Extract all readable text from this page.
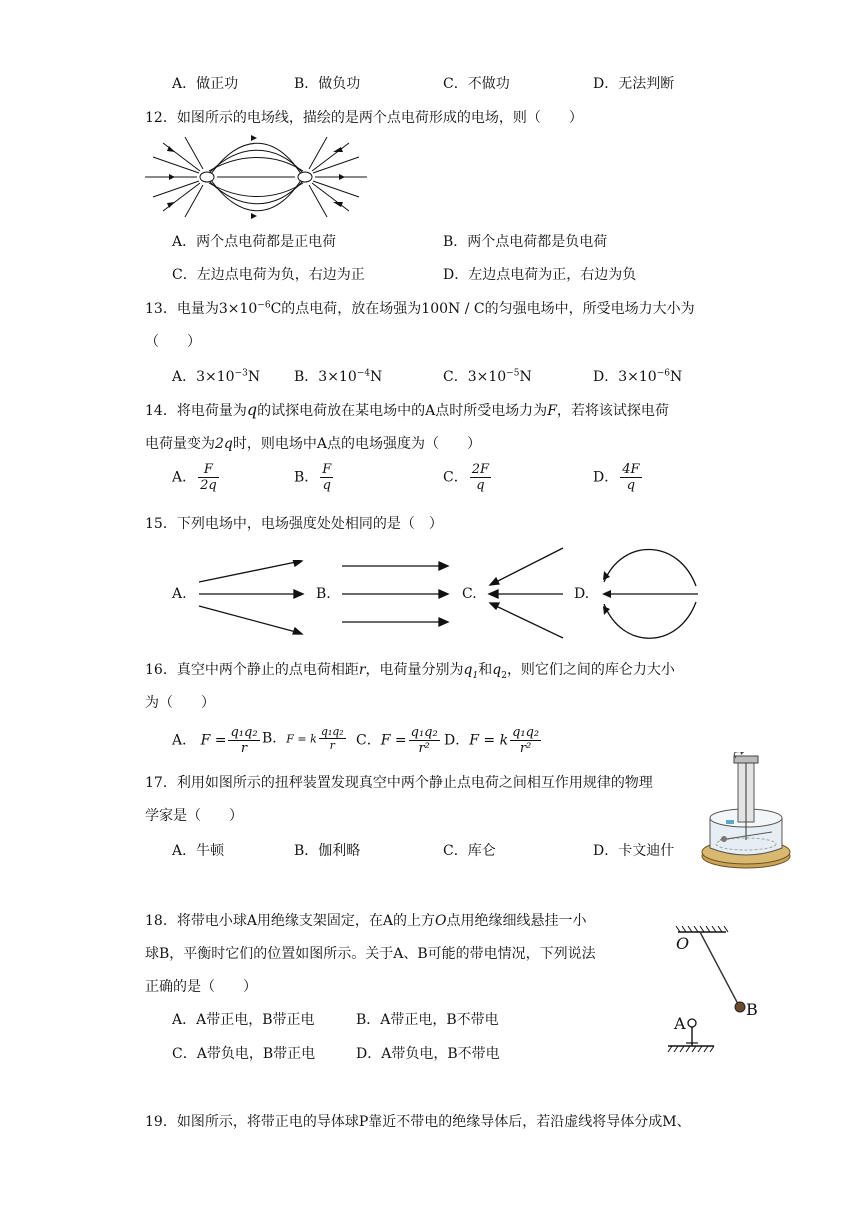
A．做正功	B．做负功	C．不做功	D．无法判断
12．如图所示的电场线，描绘的是两个点电荷形成的电场，则（　　）
A．两个点电荷都是正电荷	B．两个点电荷都是负电荷
C．左边点电荷为负，右边为正	D．左边点电荷为正，右边为负
13．电量为$3\times 10^{-6}C$的点电荷，放在场强为100N / C的匀强电场中，所受电场力大小为
（　　）
A．$3\times 10^{-3}N$ B．$3\times 10^{-4}N$	C．$3\times 10^{-5}N$	D．$3\times 10^{-6}N$
14．将电荷量为q的试探电荷放在某电场中的A点时所受电场力为F，若将该试探电荷
电荷量变为2q时，则电场中A点的电场强度为（　　）
A． $\frac{F}{2q}$	B． $\frac{F}{q}$	C． $\frac{2F}{q}$	D． $\frac{4F}{q}$
15．下列电场中，电场强度处处相同的是（　）
A.	B.	C.	D.
16．真空中两个静止的点电荷相距r，电荷量分别为$q_1$和$q_2$，则它们之间的库仑力大小
为（　　）
A． $F = \frac{\text{q₁q₂}}{r}$ B．F = k $\frac{\text{q₁q₂}}{r}$ C．$F = \frac{\text{q₁q₂}}{\text{r²}}$ D．F = k $\frac{\text{q₁q₂}}{\text{r²}}$
17．利用如图所示的扭秤装置发现真空中两个静止点电荷之间相互作用规律的物理
学家是（　　）
A．牛顿	B．伽利略	C．库仑	D．卡文迪什
18．将带电小球A用绝缘支架固定，在A的上方O点用绝缘细线悬挂一小
球B，平衡时它们的位置如图所示。关于A、B可能的带电情况，下列说法
正确的是（　　）
A．A带正电，B带正电	B．A带正电，B不带电
C．A带负电，B带正电	D．A带负电，B不带电
O
B
A
19．如图所示，将带正电的导体球P靠近不带电的绝缘导体后，若沿虚线将导体分成M、
